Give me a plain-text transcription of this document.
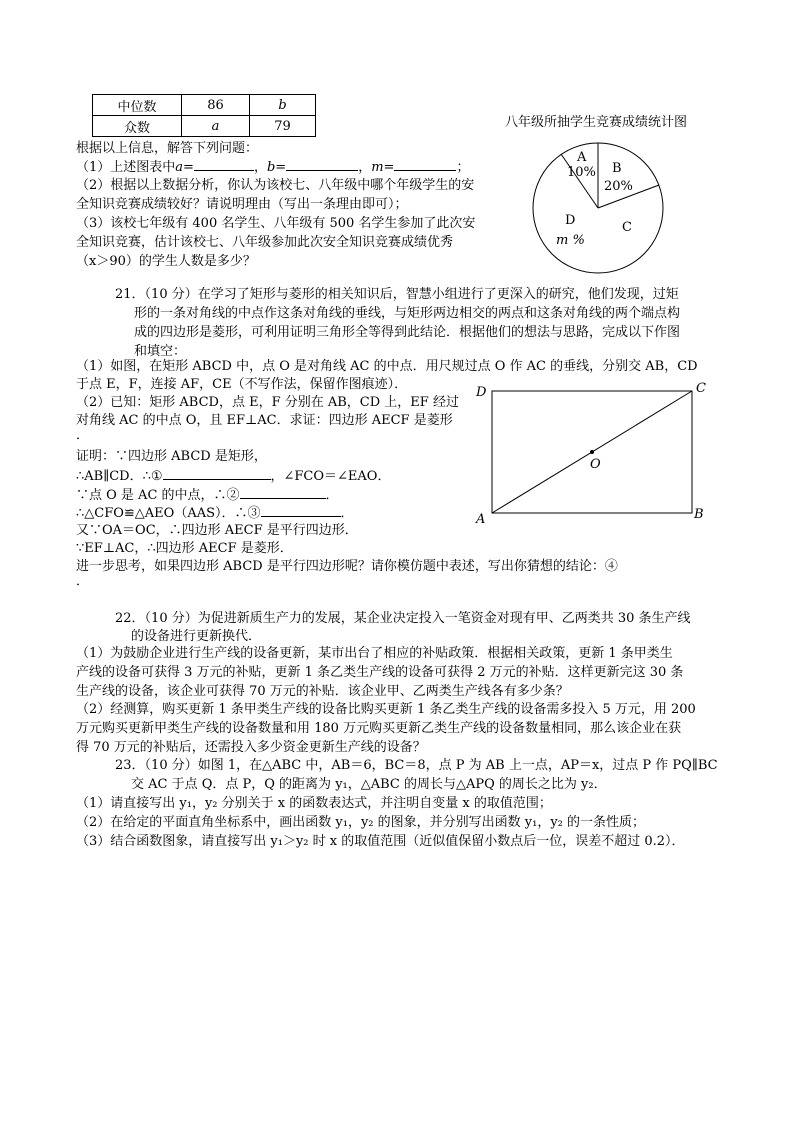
中位数	86	b
众数	a	79	八年级所抽学生竞赛成绩统计图
A
10% B
20%
C
D
m %
根据以上信息，解答下列问题：
（1）上述图表中a=	，b=	，m=	；
（2）根据以上数据分析，你认为该校七、八年级中哪个年级学生的安
全知识竞赛成绩较好？请说明理由（写出一条理由即可）；
（3）该校七年级有 400 名学生、八年级有 500 名学生参加了此次安
全知识竞赛，估计该校七、八年级参加此次安全知识竞赛成绩优秀
（x＞90）的学生人数是多少？
21．（10 分）在学习了矩形与菱形的相关知识后，智慧小组进行了更深入的研究，他们发现，过矩
形的一条对角线的中点作这条对角线的垂线，与矩形两边相交的两点和这条对角线的两个端点构
成的四边形是菱形，可利用证明三角形全等得到此结论．根据他们的想法与思路，完成以下作图
和填空：
（1）如图，在矩形 ABCD 中，点 O 是对角线 AC 的中点．用尺规过点 O 作 AC 的垂线，分别交 AB，CD
于点 E，F，连接 AF，CE（不写作法，保留作图痕迹）．
（2）已知：矩形 ABCD，点 E，F 分别在 AB，CD 上，EF 经过
对角线 AC 的中点 O，且 EF⊥AC．求证：四边形 AECF 是菱形
．
证明：∵四边形 ABCD 是矩形，
∴AB∥CD．∴①	，∠FCO＝∠EAO．
∵点 O 是 AC 的中点，∴②	．
∴△CFO≌△AEO（AAS）．∴③	．
又∵OA＝OC，∴四边形 AECF 是平行四边形．
∵EF⊥AC，∴四边形 AECF 是菱形．
进一步思考，如果四边形 ABCD 是平行四边形呢？请你模仿题中表述，写出你猜想的结论：④
．
D	C
A	B
O
22．（10 分）为促进新质生产力的发展，某企业决定投入一笔资金对现有甲、乙两类共 30 条生产线
的设备进行更新换代．
（1）为鼓励企业进行生产线的设备更新，某市出台了相应的补贴政策．根据相关政策，更新 1 条甲类生
产线的设备可获得 3 万元的补贴，更新 1 条乙类生产线的设备可获得 2 万元的补贴．这样更新完这 30 条
生产线的设备，该企业可获得 70 万元的补贴．该企业甲、乙两类生产线各有多少条？
（2）经测算，购买更新 1 条甲类生产线的设备比购买更新 1 条乙类生产线的设备需多投入 5 万元，用 200
万元购买更新甲类生产线的设备数量和用 180 万元购买更新乙类生产线的设备数量相同，那么该企业在获
得 70 万元的补贴后，还需投入多少资金更新生产线的设备？
23．（10 分）如图 1，在△ABC 中，AB＝6，BC＝8，点 P 为 AB 上一点，AP＝x，过点 P 作 PQ∥BC
交 AC 于点 Q．点 P，Q 的距离为 y₁，△ABC 的周长与△APQ 的周长之比为 y₂．
（1）请直接写出 y₁，y₂ 分别关于 x 的函数表达式，并注明自变量 x 的取值范围；
（2）在给定的平面直角坐标系中，画出函数 y₁，y₂ 的图象，并分别写出函数 y₁，y₂ 的一条性质；
（3）结合函数图象，请直接写出 y₁＞y₂ 时 x 的取值范围（近似值保留小数点后一位，误差不超过 0.2）．
